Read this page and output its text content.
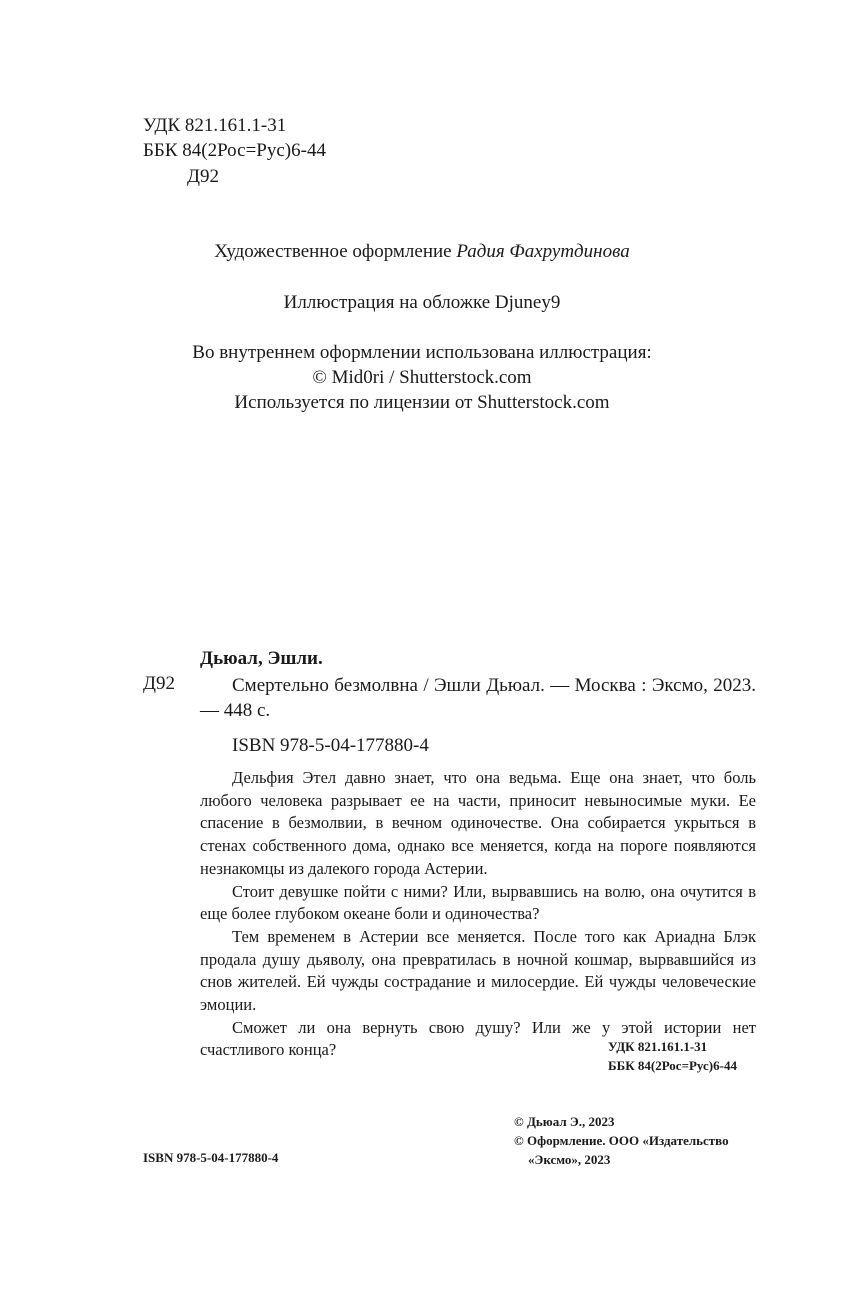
УДК 821.161.1-31
ББК 84(2Рос=Рус)6-44
Д92
Художественное оформление Радия Фахрутдинова
Иллюстрация на обложке Djuney9
Во внутреннем оформлении использована иллюстрация:
© Mid0ri / Shutterstock.com
Используется по лицензии от Shutterstock.com
Дьюал, Эшли.
Д92	Смертельно безмолвна / Эшли Дьюал. — Москва : Эксмо, 2023. — 448 с.
ISBN 978-5-04-177880-4

Дельфия Этел давно знает, что она ведьма. Еще она знает, что боль любого человека разрывает ее на части, приносит невыносимые муки. Ее спасение в безмолвии, в вечном одиночестве. Она собирается укрыться в стенах собственного дома, однако все меняется, когда на пороге появляются незнакомцы из далекого города Астерии.

Стоит девушке пойти с ними? Или, вырвавшись на волю, она очутится в еще более глубоком океане боли и одиночества?

Тем временем в Астерии все меняется. После того как Ариадна Блэк продала душу дьяволу, она превратилась в ночной кошмар, вырвавшийся из снов жителей. Ей чужды сострадание и милосердие. Ей чужды человеческие эмоции.

Сможет ли она вернуть свою душу? Или же у этой истории нет счастливого конца?	УДК 821.161.1-31
ББК 84(2Рос=Рус)6-44
© Дьюал Э., 2023
© Оформление. ООО «Издательство
«Эксмо», 2023
ISBN 978-5-04-177880-4
